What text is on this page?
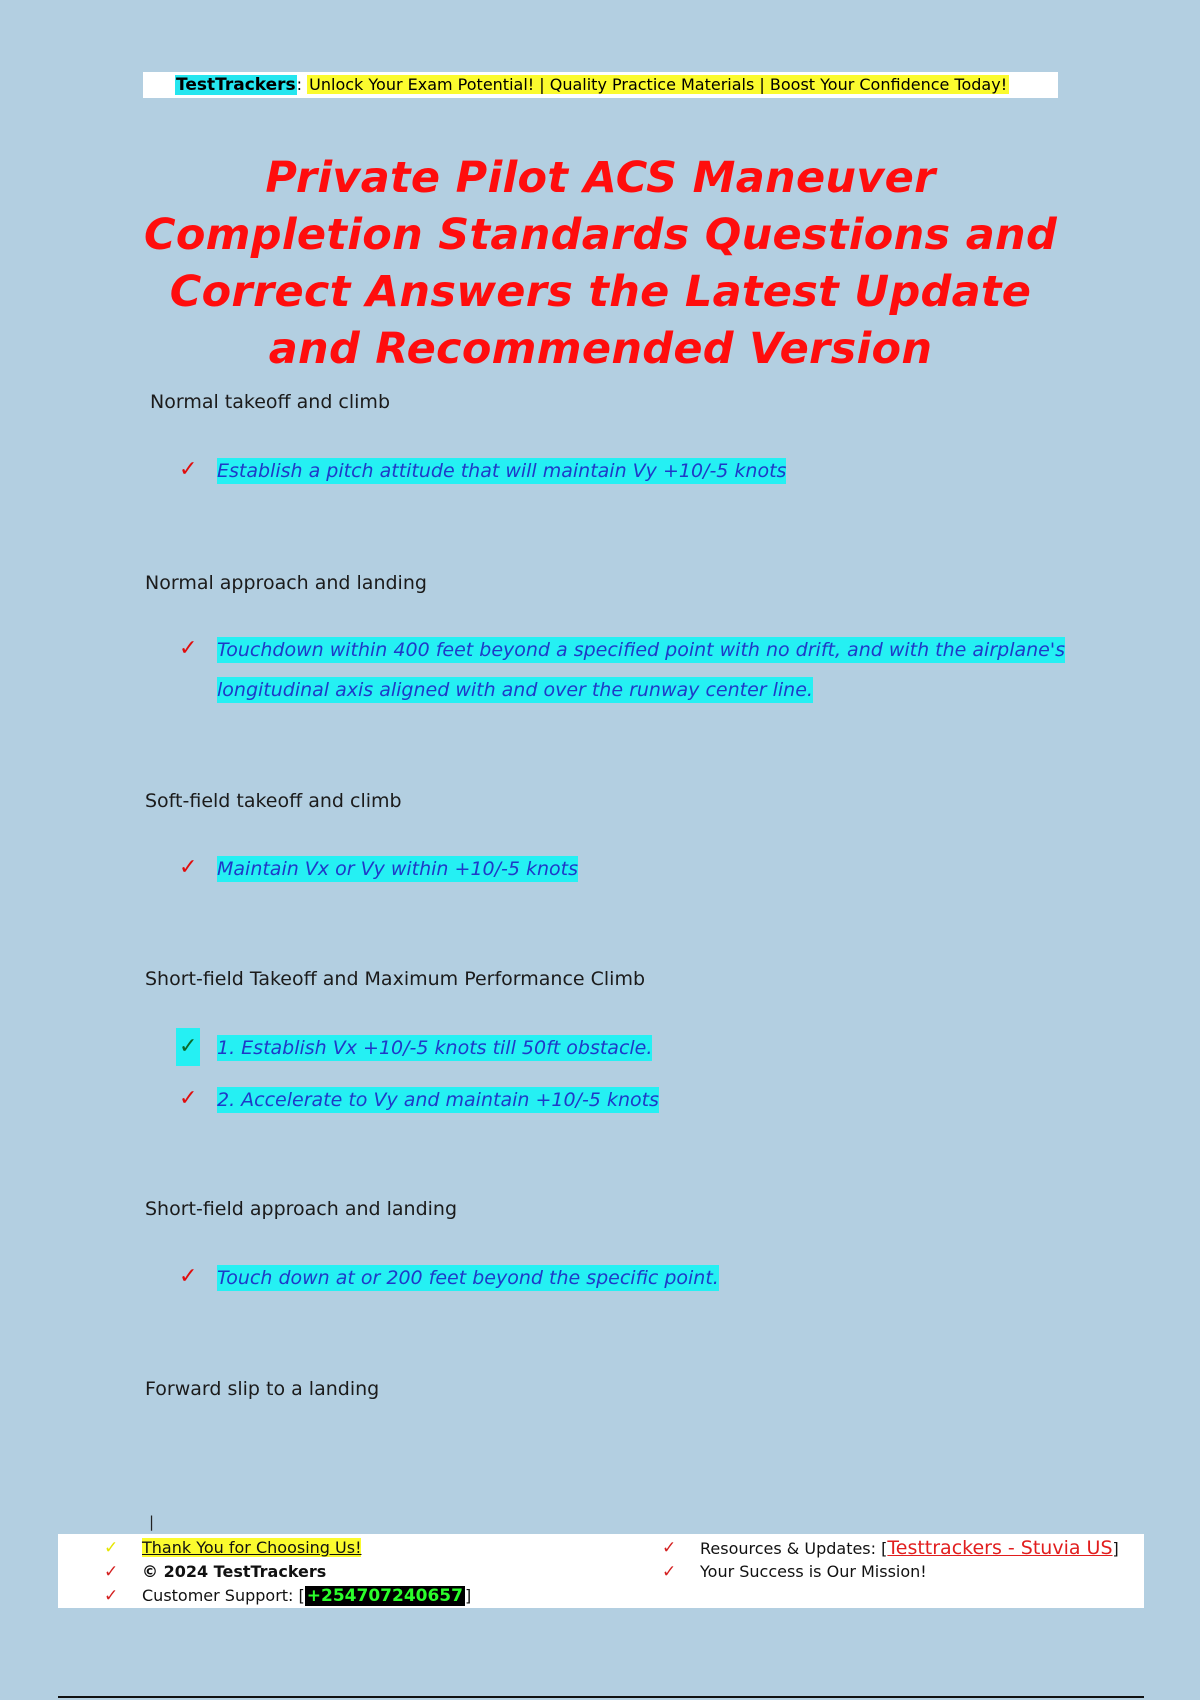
TestTrackers: Unlock Your Exam Potential! | Quality Practice Materials | Boost Your Confidence Today!
Private Pilot ACS Maneuver Completion Standards Questions and Correct Answers the Latest Update and Recommended Version

Normal takeoff and climb

✓ Establish a pitch attitude that will maintain Vy +10/-5 knots

Normal approach and landing

✓ Touchdown within 400 feet beyond a specified point with no drift, and with the airplane's longitudinal axis aligned with and over the runway center line.

Soft-field takeoff and climb

✓ Maintain Vx or Vy within +10/-5 knots

Short-field Takeoff and Maximum Performance Climb

✓ 1. Establish Vx +10/-5 knots till 50ft obstacle.
✓ 2. Accelerate to Vy and maintain +10/-5 knots

Short-field approach and landing

✓ Touch down at or 200 feet beyond the specific point.

Forward slip to a landing

|
✓ Thank You for Choosing Us!
✓ © 2024 TestTrackers
✓ Customer Support: [ +254707240657 ]
✓ Resources & Updates: [Testtrackers - Stuvia US]
✓ Your Success is Our Mission!
